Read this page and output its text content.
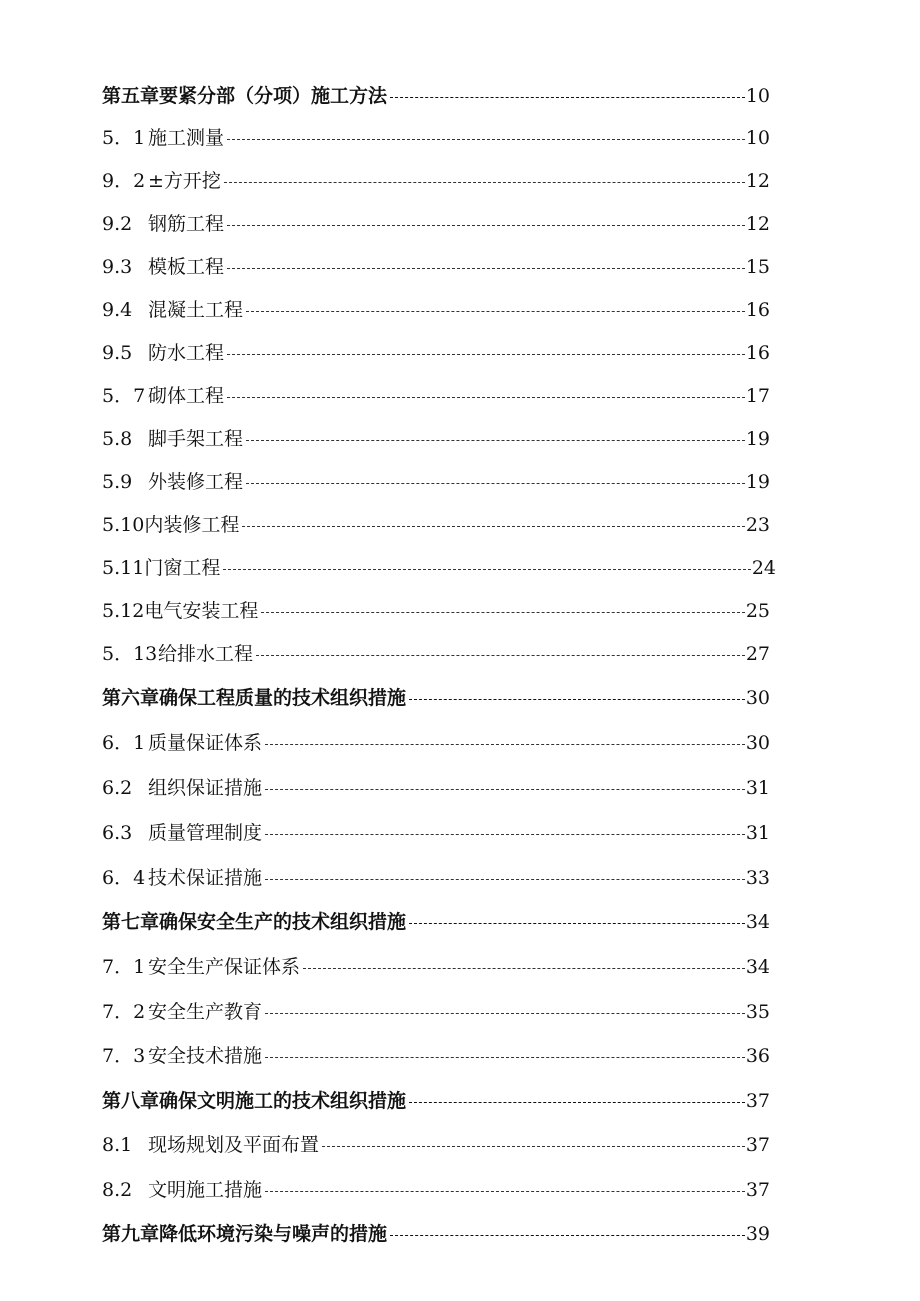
第五章要紧分部（分项）施工方法	10
5．1 施工测量	10
9．2 ±方开挖	12
9.2 钢筋工程	12
9.3 模板工程	15
9.4 混凝土工程	16
9.5 防水工程	16
5．7 砌体工程	17
5.8 脚手架工程	19
5.9 外装修工程	19
5.10 内装修工程	23
5.11 门窗工程	24
5.12 电气安装工程	25
5．13 给排水工程	27
第六章确保工程质量的技术组织措施	30
6．1 质量保证体系	30
6.2 组织保证措施	31
6.3 质量管理制度	31
6．4 技术保证措施	33
第七章确保安全生产的技术组织措施	34
7．1 安全生产保证体系	34
7．2 安全生产教育	35
7．3 安全技术措施	36
第八章确保文明施工的技术组织措施	37
8.1 现场规划及平面布置	37
8.2 文明施工措施	37
第九章降低环境污染与噪声的措施	39
